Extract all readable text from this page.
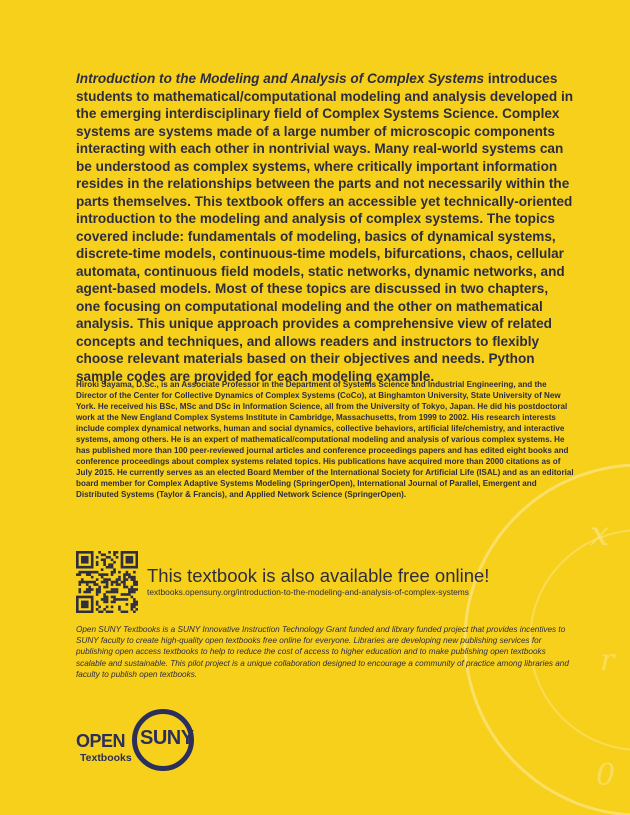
x
r
0
Introduction to the Modeling and Analysis of Complex Systems introduces students to mathematical/computational modeling and analysis developed in the emerging interdisciplinary field of Complex Systems Science. Complex systems are systems made of a large number of microscopic components interacting with each other in nontrivial ways. Many real-world systems can be understood as complex systems, where critically important information resides in the relationships between the parts and not necessarily within the parts themselves. This textbook offers an accessible yet technically-oriented introduction to the modeling and analysis of complex systems. The topics covered include: fundamentals of modeling, basics of dynamical systems, discrete-time models, continuous-time models, bifurcations, chaos, cellular automata, continuous field models, static networks, dynamic networks, and agent-based models. Most of these topics are discussed in two chapters, one focusing on computational modeling and the other on mathematical analysis. This unique approach provides a comprehensive view of related concepts and techniques, and allows readers and instructors to flexibly choose relevant materials based on their objectives and needs. Python sample codes are provided for each modeling example.
Hiroki Sayama, D.Sc., is an Associate Professor in the Department of Systems Science and Industrial Engineering, and the Director of the Center for Collective Dynamics of Complex Systems (CoCo), at Binghamton University, State University of New York. He received his BSc, MSc and DSc in Information Science, all from the University of Tokyo, Japan. He did his postdoctoral work at the New England Complex Systems Institute in Cambridge, Massachusetts, from 1999 to 2002. His research interests include complex dynamical networks, human and social dynamics, collective behaviors, artificial life/chemistry, and interactive systems, among others. He is an expert of mathematical/computational modeling and analysis of various complex systems. He has published more than 100 peer-reviewed journal articles and conference proceedings papers and has edited eight books and conference proceedings about complex systems related topics. His publications have acquired more than 2000 citations as of July 2015. He currently serves as an elected Board Member of the International Society for Artificial Life (ISAL) and as an editorial board member for Complex Adaptive Systems Modeling (SpringerOpen), International Journal of Parallel, Emergent and Distributed Systems (Taylor & Francis), and Applied Network Science (SpringerOpen).
This textbook is also available free online!
textbooks.opensuny.org/introduction-to-the-modeling-and-analysis-of-complex-systems
Open SUNY Textbooks is a SUNY Innovative Instruction Technology Grant funded and library funded project that provides incentives to SUNY faculty to create high-quality open textbooks free online for everyone. Libraries are developing new publishing services for publishing open access textbooks to help to reduce the cost of access to higher education and to make publishing open textbooks scalable and sustainable. This pilot project is a unique collaboration designed to encourage a community of practice among libraries and faculty to publish open textbooks.
OPEN SUNY
Textbooks
